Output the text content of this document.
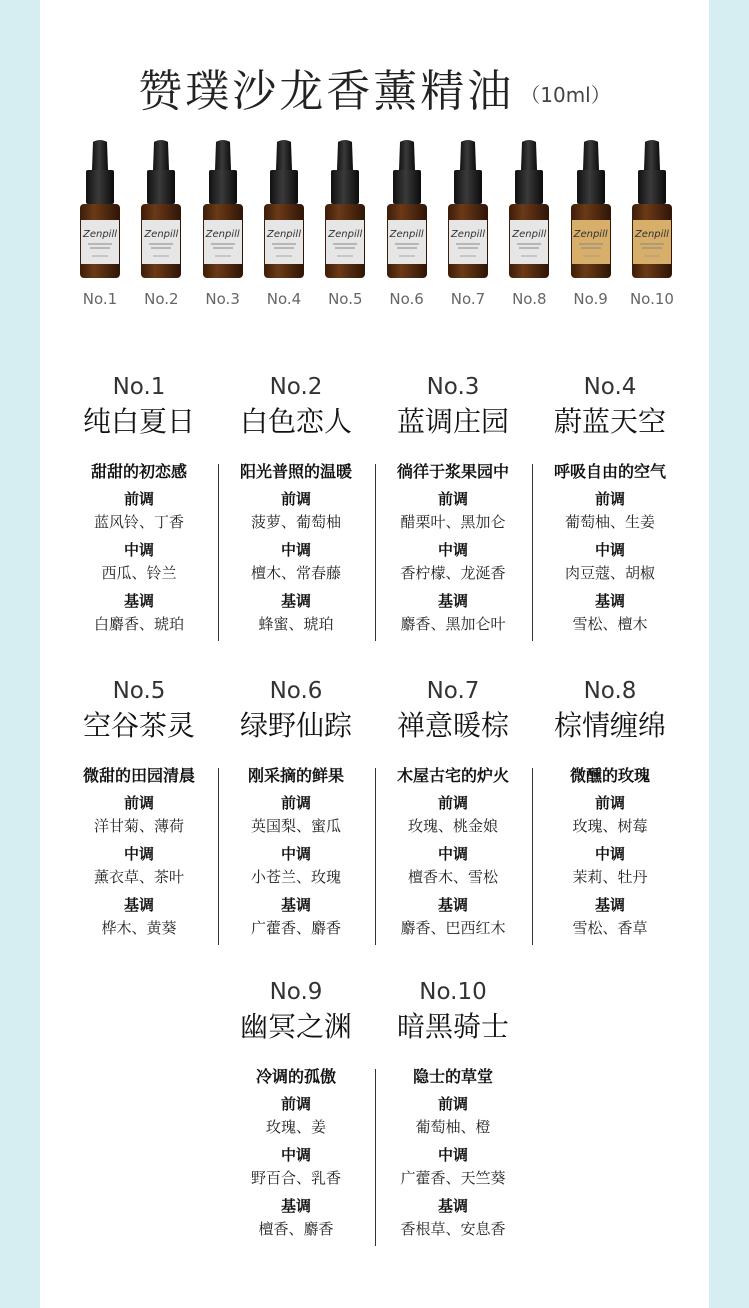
赞璞沙龙香薰精油 （10ml）
Zenpill
No.1
Zenpill
No.2
Zenpill
No.3
Zenpill
No.4
Zenpill
No.5
Zenpill
No.6
Zenpill
No.7
Zenpill
No.8
Zenpill
No.9
Zenpill
No.10
No.1
纯白夏日
甜甜的初恋感
前调
蓝风铃、丁香
中调
西瓜、铃兰
基调
白麝香、琥珀
No.2
白色恋人
阳光普照的温暖
前调
菠萝、葡萄柚
中调
檀木、常春藤
基调
蜂蜜、琥珀
No.3
蓝调庄园
徜徉于浆果园中
前调
醋栗叶、黑加仑
中调
香柠檬、龙涎香
基调
麝香、黑加仑叶
No.4
蔚蓝天空
呼吸自由的空气
前调
葡萄柚、生姜
中调
肉豆蔻、胡椒
基调
雪松、檀木
No.5
空谷茶灵
微甜的田园清晨
前调
洋甘菊、薄荷
中调
薰衣草、茶叶
基调
桦木、黄葵
No.6
绿野仙踪
刚采摘的鲜果
前调
英国梨、蜜瓜
中调
小苍兰、玫瑰
基调
广藿香、麝香
No.7
禅意暖棕
木屋古宅的炉火
前调
玫瑰、桃金娘
中调
檀香木、雪松
基调
麝香、巴西红木
No.8
棕情缠绵
微醺的玫瑰
前调
玫瑰、树莓
中调
茉莉、牡丹
基调
雪松、香草
No.9
幽冥之渊
冷调的孤傲
前调
玫瑰、姜
中调
野百合、乳香
基调
檀香、麝香
No.10
暗黑骑士
隐士的草堂
前调
葡萄柚、橙
中调
广藿香、天竺葵
基调
香根草、安息香
